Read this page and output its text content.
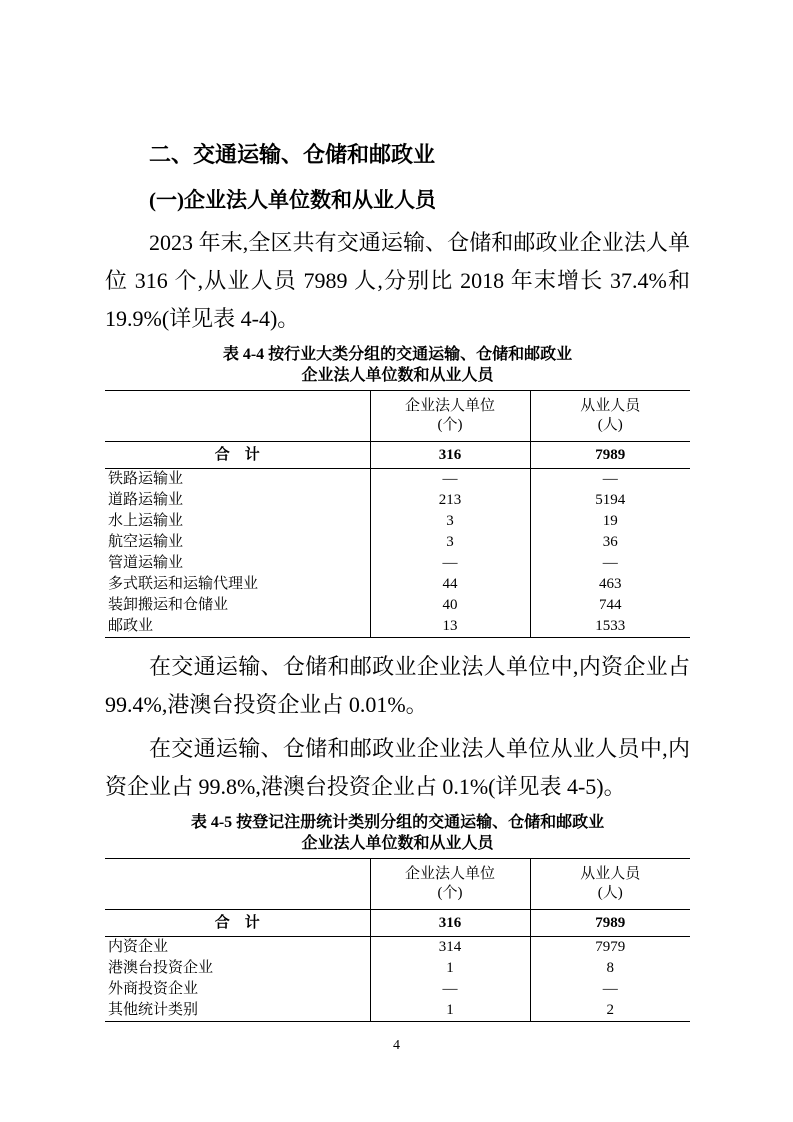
二、交通运输、仓储和邮政业
(一)企业法人单位数和从业人员

2023 年末,全区共有交通运输、仓储和邮政业企业法人单位 316 个,从业人员 7989 人,分别比 2018 年末增长 37.4%和 19.9%(详见表 4-4)。

表 4-4 按行业大类分组的交通运输、仓储和邮政业
企业法人单位数和从业人员

	企业法人单位
(个)	从业人员
(人)

合　计	316	7989
铁路运输业	—	—
道路运输业	213	5194
水上运输业	3	19
航空运输业	3	36
管道运输业	—	—
多式联运和运输代理业	44	463
装卸搬运和仓储业	40	744
邮政业	13	1533

在交通运输、仓储和邮政业企业法人单位中,内资企业占 99.4%,港澳台投资企业占 0.01%。

在交通运输、仓储和邮政业企业法人单位从业人员中,内资企业占 99.8%,港澳台投资企业占 0.1%(详见表 4-5)。

表 4-5 按登记注册统计类别分组的交通运输、仓储和邮政业
企业法人单位数和从业人员

	企业法人单位
(个)	从业人员
(人)

合　计	316	7989
内资企业	314	7979
港澳台投资企业	1	8
外商投资企业	—	—
其他统计类别	1	2
4
